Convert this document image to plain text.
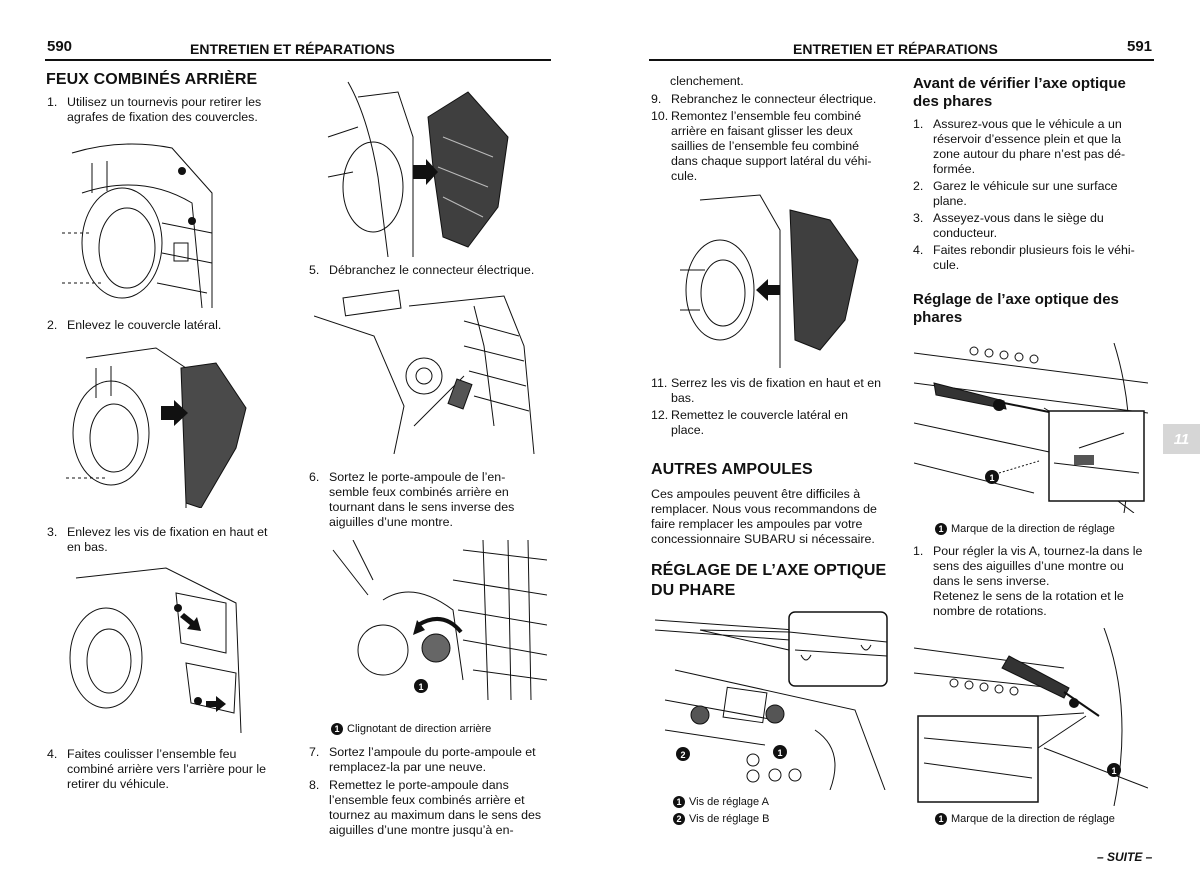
590	ENTRETIEN ET RÉPARATIONS
FEUX COMBINÉS ARRIÈRE
1. Utilisez un tournevis pour retirer les
agrafes de fixation des couvercles.
2. Enlevez le couvercle latéral.
3. Enlevez les vis de fixation en haut et
en bas.
4. Faites coulisser l’ensemble feu
combiné arrière vers l’arrière pour le
retirer du véhicule.
5. Débranchez le connecteur électrique.
6. Sortez le porte-ampoule de l’en-
semble feux combinés arrière en
tournant dans le sens inverse des
aiguilles d’une montre.
1
1 Clignotant de direction arrière
7. Sortez l’ampoule du porte-ampoule et
remplacez-la par une neuve.
8. Remettez le porte-ampoule dans
l’ensemble feux combinés arrière et
tournez au maximum dans le sens des
aiguilles d’une montre jusqu’à en-
ENTRETIEN ET RÉPARATIONS	591
clenchement.
9. Rebranchez le connecteur électrique.
10. Remontez l’ensemble feu combiné
arrière en faisant glisser les deux
saillies de l’ensemble feu combiné
dans chaque support latéral du véhi-
cule.
11. Serrez les vis de fixation en haut et en
bas.
12. Remettez le couvercle latéral en
place.
AUTRES AMPOULES
Ces ampoules peuvent être difficiles à
remplacer. Nous vous recommandons de
faire remplacer les ampoules par votre
concessionnaire SUBARU si nécessaire.
RÉGLAGE DE L’AXE OPTIQUE
DU PHARE
2	1
1 Vis de réglage A
2 Vis de réglage B
Avant de vérifier l’axe optique
des phares
1. Assurez-vous que le véhicule a un
réservoir d’essence plein et que la
zone autour du phare n’est pas dé-
formée.
2. Garez le véhicule sur une surface
plane.
3. Asseyez-vous dans le siège du
conducteur.
4. Faites rebondir plusieurs fois le véhi-
cule.
Réglage de l’axe optique des
phares
1
1 Marque de la direction de réglage
1. Pour régler la vis A, tournez-la dans le
sens des aiguilles d’une montre ou
dans le sens inverse.
Retenez le sens de la rotation et le
nombre de rotations.
1
1 Marque de la direction de réglage
11
– SUITE –
